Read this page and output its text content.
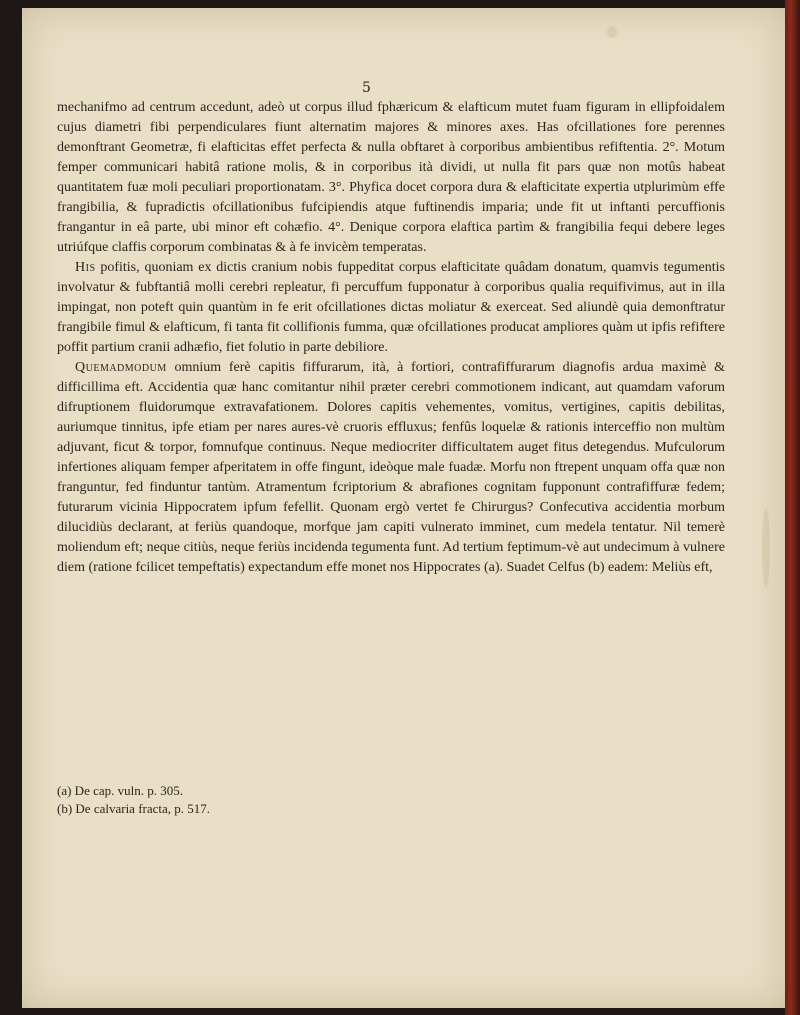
5

mechanifmo ad centrum accedunt, adeò ut corpus illud fphæricum & elafticum mutet fuam figuram in ellipfoidalem cujus diametri fibi perpendiculares fiunt alternatim majores & minores axes. Has ofcillationes fore perennes demonftrant Geometræ, fi elafticitas effet perfecta & nulla obftaret à corporibus ambientibus refiftentia. 2°. Motum femper communicari habitâ ratione molis, & in corporibus ità dividi, ut nulla fit pars quæ non motûs habeat quantitatem fuæ moli peculiari proportionatam. 3°. Phyfica docet corpora dura & elafticitate expertia utplurimùm effe frangibilia, & fupradictis ofcillationibus fufcipiendis atque fuftinendis imparia; unde fit ut inftanti percuffionis frangantur in eâ parte, ubi minor eft cohæfio. 4°. Denique corpora elaftica partìm & frangibilia fequi debere leges utriúfque claffis corporum combinatas & à fe invicèm temperatas.

His pofitis, quoniam ex dictis cranium nobis fuppeditat corpus elafticitate quâdam donatum, quamvis tegumentis involvatur & fubftantiâ molli cerebri repleatur, fi percuffum fupponatur à corporibus qualia requifivimus, aut in illa impingat, non poteft quin quantùm in fe erit ofcillationes dictas moliatur & exerceat. Sed aliundè quia demonftratur frangibile fimul & elafticum, fi tanta fit collifionis fumma, quæ ofcillationes producat ampliores quàm ut ipfis refiftere poffit partium cranii adhæfio, fiet folutio in parte debiliore.

Quemadmodum omnium ferè capitis fiffurarum, ità, à fortiori, contrafiffurarum diagnofis ardua maximè & difficillima eft. Accidentia quæ hanc comitantur nihil præter cerebri commotionem indicant, aut quamdam vaforum difruptionem fluidorumque extravafationem. Dolores capitis vehementes, vomitus, vertigines, capitis debilitas, auriumque tinnitus, ipfe etiam per nares aures-vè cruoris effluxus; fenfûs loquelæ & rationis interceffio non multùm adjuvant, ficut & torpor, fomnufque continuus. Neque mediocriter difficultatem auget fitus detegendus. Mufculorum infertiones aliquam femper afperitatem in offe fingunt, ideòque male fuadæ. Morfu non ftrepent unquam offa quæ non franguntur, fed finduntur tantùm. Atramentum fcriptorium & abrafiones cognitam fupponunt contrafiffuræ fedem; futurarum vicinia Hippocratem ipfum fefellit. Quonam ergò vertet fe Chirurgus? Confecutiva accidentia morbum dilucidiùs declarant, at feriùs quandoque, morfque jam capiti vulnerato imminet, cum medela tentatur. Nil temerè moliendum eft; neque citiùs, neque feriùs incidenda tegumenta funt. Ad tertium feptimum-vè aut undecimum à vulnere diem (ratione fcilicet tempeftatis) expectandum effe monet nos Hippocrates (a). Suadet Celfus (b) eadem: Meliùs eft,

(a) De cap. vuln. p. 305.
(b) De calvaria fracta, p. 517.
